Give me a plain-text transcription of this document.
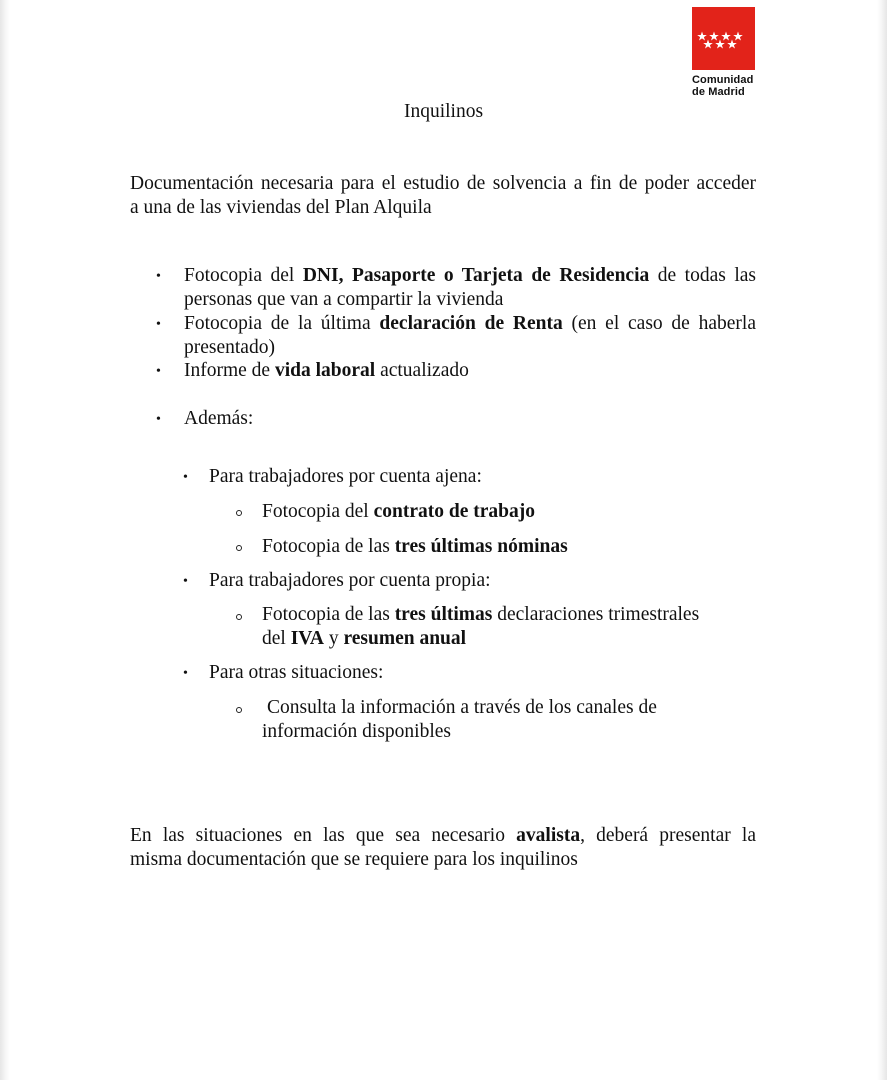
Comunidad
de Madrid
Inquilinos
Documentación necesaria para el estudio de solvencia a fin de poder acceder
a una de las viviendas del Plan Alquila
• Fotocopia del DNI, Pasaporte o Tarjeta de Residencia de todas las
personas que van a compartir la vivienda
• Fotocopia de la última declaración de Renta (en el caso de haberla
presentado)
• Informe de vida laboral actualizado
• Además:
• Para trabajadores por cuenta ajena:
Fotocopia del contrato de trabajo
Fotocopia de las tres últimas nóminas
• Para trabajadores por cuenta propia:
Fotocopia de las tres últimas declaraciones trimestrales
del IVA y resumen anual
• Para otras situaciones:
Consulta la información a través de los canales de
información disponibles
En las situaciones en las que sea necesario avalista, deberá presentar la
misma documentación que se requiere para los inquilinos
